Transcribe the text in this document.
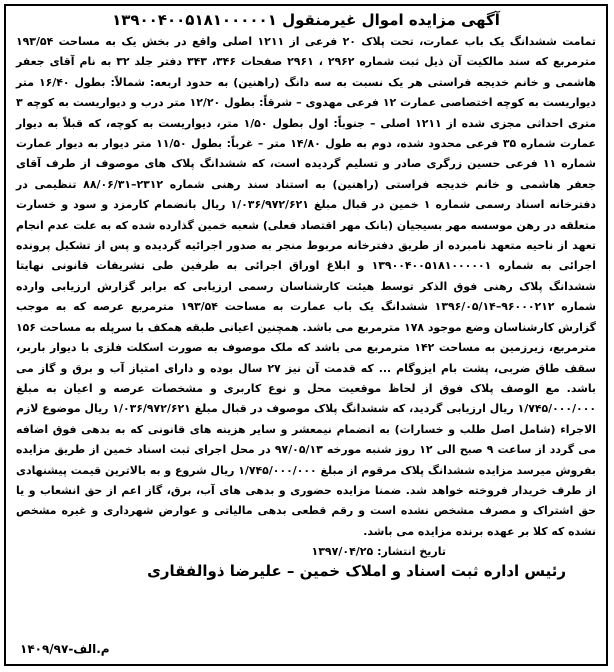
آگهی مزایده اموال غیرمنقول ۱۳۹۰۰۴۰۰۵۱۸۱۰۰۰۰۰۱

تمامت ششدانگ یک باب عمارت، تحت پلاک ۲۰ فرعی از ۱۲۱۱ اصلی واقع در بخش یک به مساحت ۱۹۳/۵۴ مترمربع که سند مالکیت آن ذیل ثبت شماره ۲۹۶۲ ، ۲۹۶۱ صفحات ۳۴۶، ۳۴۳ دفتر جلد ۳۲ به نام آقای جعفر هاشمی و خانم خدیجه فراستی هر یک نسبت به سه دانگ (راهنین) به حدود اربعه: شمالاً: بطول ۱۶/۴۰ متر دیواریست به کوچه اختصاصی عمارت ۱۲ فرعی مهدوی – شرقاً: بطول ۱۲/۲۰ متر درب و دیواریست به کوچه ۳ متری احداثی مجزی شده از ۱۲۱۱ اصلی – جنوباً: اول بطول ۱/۵۰ متر، دیواریست به کوچه، که قبلاً به دیوار عمارت شماره ۳۵ فرعی محدود شده، دوم به طول ۱۴/۸۰ متر – غرباً: بطول ۱۱/۵۰ متر دیوار به دیوار عمارت شماره ۱۱ فرعی حسین زرگری صادر و تسلیم گردیده است، که ششدانگ پلاک های موصوف از طرف آقای جعفر هاشمی و خانم خدیجه فراستی (راهنین) به استناد سند رهنی شماره ۲۳۱۲–۸۸/۰۶/۳۱ تنظیمی در دفترخانه اسناد رسمی شماره ۱ خمین در قبال مبلغ ۱/۰۳۶/۹۷۲/۶۲۱ ریال بانضمام کارمزد و سود و خسارت متعلقه در رهن موسسه مهر بسیجیان (بانک مهر اقتصاد فعلی) شعبه خمین گذارده شده که به علت عدم انجام تعهد از ناحیه متعهد نامبرده از طریق دفترخانه مربوط منجر به صدور اجرائیه گردیده و پس از تشکیل پرونده اجرائی به شماره ۱۳۹۰۰۴۰۰۵۱۸۱۰۰۰۰۰۱ و ابلاغ اوراق اجرائی به طرفین طی تشریفات قانونی نهایتا ششدانگ پلاک رهنی فوق الذکر توسط هیئت کارشناسان رسمی ارزیابی که برابر گزارش ارزیابی وارده شماره ۹۶۰۰۰۲۱۲–۱۳۹۶/۰۵/۱۴ ششدانگ یک باب عمارت به مساحت ۱۹۳/۵۴ مترمربع عرصه که به موجب گزارش کارشناسان وضع موجود ۱۷۸ مترمربع می باشد. همچنین اعیانی طبقه همکف با سرپله به مساحت ۱۵۶ مترمربع، زیرزمین به مساحت ۱۴۲ مترمربع می باشد که ملک موصوف به صورت اسکلت فلزی با دیوار باربر، سقف طاق ضربی، پشت بام ایزوگام ... که قدمت آن نیز ۲۷ سال بوده و دارای امتیاز آب و برق و گاز می باشد. مع الوصف پلاک فوق از لحاظ موقعیت محل و نوع کاربری و مشخصات عرصه و اعیان به مبلغ ۱/۷۴۵/۰۰۰/۰۰۰ ریال ارزیابی گردید، که ششدانگ پلاک موصوف در قبال مبلغ ۱/۰۳۶/۹۷۲/۶۲۱ ریال موضوع لازم الاجراء (شامل اصل طلب و خسارات) به انضمام نیمعشر و سایر هزینه های قانونی که به بدهی فوق اضافه می گردد از ساعت ۹ صبح الی ۱۲ روز شنبه مورخه ۹۷/۰۵/۱۳ در محل اجرای ثبت اسناد خمین از طریق مزایده بفروش میرسد مزایده ششدانگ پلاک مرقوم از مبلغ ۱/۷۴۵/۰۰۰/۰۰۰ ریال شروع و به بالاترین قیمت پیشنهادی از طرف خریدار فروخته خواهد شد. ضمنا مزایده حضوری و بدهی های آب، برق، گاز اعم از حق انشعاب و یا حق اشتراک و مصرف مشخص نشده است و رقم قطعی بدهی مالیاتی و عوارض شهرداری و غیره مشخص نشده که کلا بر عهده برنده مزایده می باشد.

تاریخ انتشار: ۱۳۹۷/۰۴/۲۵
رئیس اداره ثبت اسناد و املاک خمین – علیرضا ذوالفقاری
م.الف-۱۴۰۹/۹۷
